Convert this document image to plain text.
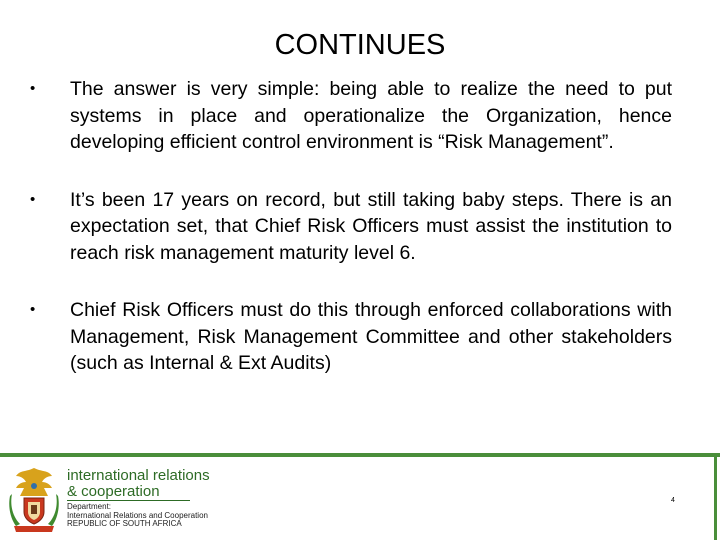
CONTINUES
• The answer is very simple: being able to realize the need to put systems in place and operationalize the Organization, hence developing efficient control environment is “Risk Management”.
• It’s been 17 years on record, but still taking baby steps. There is an expectation set, that Chief Risk Officers must assist the institution to reach risk management maturity level 6.
• Chief Risk Officers must do this through enforced collaborations with Management, Risk Management Committee and other stakeholders (such as Internal & Ext Audits)
international relations
& cooperation
Department:
International Relations and Cooperation
REPUBLIC OF SOUTH AFRICA
4
